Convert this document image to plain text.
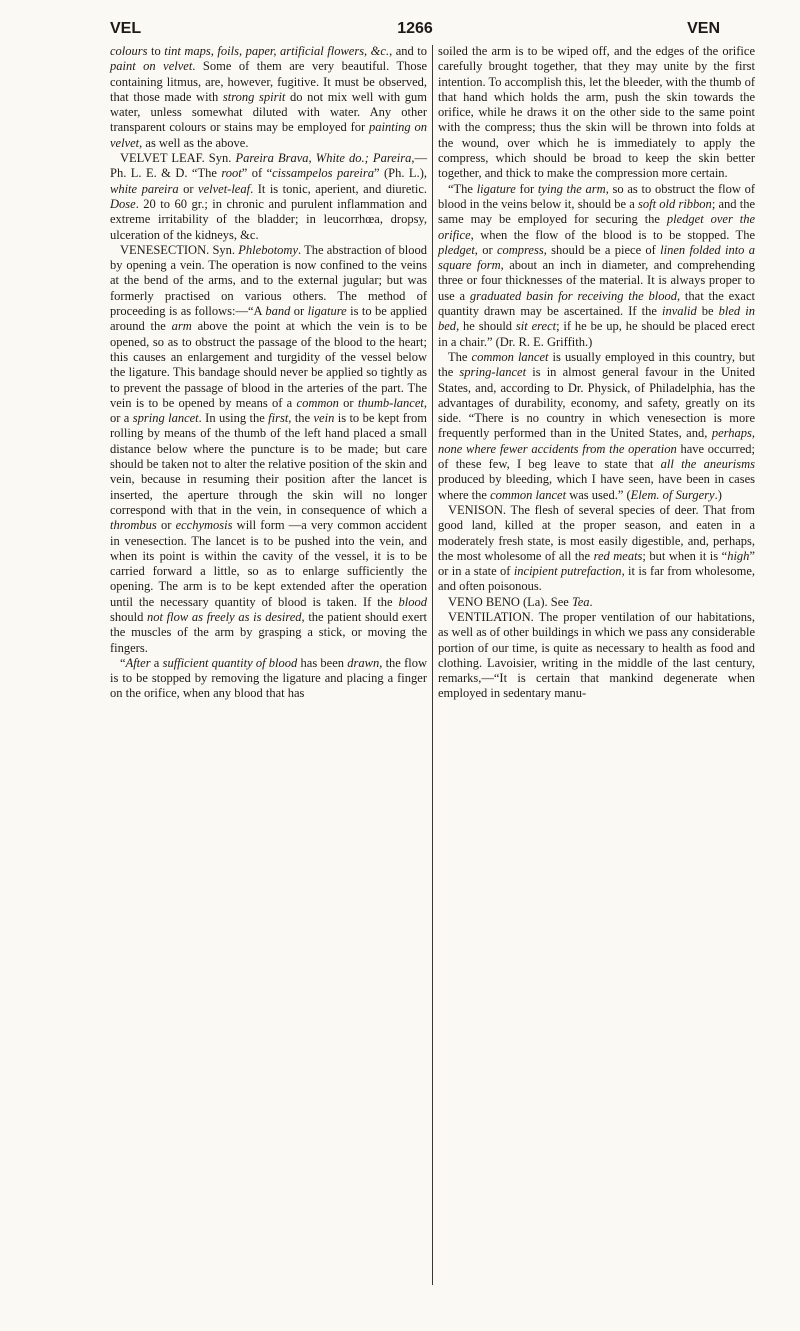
VEL	1266	VEN

colours to tint maps, foils, paper, artificial flowers, &c., and to paint on velvet. Some of them are very beautiful. Those containing litmus, are, however, fugitive. It must be observed, that those made with strong spirit do not mix well with gum water, unless somewhat diluted with water. Any other transparent colours or stains may be employed for painting on velvet, as well as the above.

VELVET LEAF. Syn. Pareira Brava, White do.; Pareira,—Ph. L. E. & D. “The root” of “cissampelos pareira” (Ph. L.), white pareira or velvet-leaf. It is tonic, aperient, and diuretic. Dose. 20 to 60 gr.; in chronic and purulent inflammation and extreme irritability of the bladder; in leucorrhœa, dropsy, ulceration of the kidneys, &c.

VENESECTION. Syn. Phlebotomy. The abstraction of blood by opening a vein. The operation is now confined to the veins at the bend of the arms, and to the external jugular; but was formerly practised on various others. The method of proceeding is as follows:—“A band or ligature is to be applied around the arm above the point at which the vein is to be opened, so as to obstruct the passage of the blood to the heart; this causes an enlargement and turgidity of the vessel below the ligature. This bandage should never be applied so tightly as to prevent the passage of blood in the arteries of the part. The vein is to be opened by means of a common or thumb-lancet, or a spring lancet. In using the first, the vein is to be kept from rolling by means of the thumb of the left hand placed a small distance below where the puncture is to be made; but care should be taken not to alter the relative position of the skin and vein, because in resuming their position after the lancet is inserted, the aperture through the skin will no longer correspond with that in the vein, in consequence of which a thrombus or ecchymosis will form —a very common accident in venesection. The lancet is to be pushed into the vein, and when its point is within the cavity of the vessel, it is to be carried forward a little, so as to enlarge sufficiently the opening. The arm is to be kept extended after the operation until the necessary quantity of blood is taken. If the blood should not flow as freely as is desired, the patient should exert the muscles of the arm by grasping a stick, or moving the fingers.

“After a sufficient quantity of blood has been drawn, the flow is to be stopped by removing the ligature and placing a finger on the orifice, when any blood that has

soiled the arm is to be wiped off, and the edges of the orifice carefully brought together, that they may unite by the first intention. To accomplish this, let the bleeder, with the thumb of that hand which holds the arm, push the skin towards the orifice, while he draws it on the other side to the same point with the compress; thus the skin will be thrown into folds at the wound, over which he is immediately to apply the compress, which should be broad to keep the skin better together, and thick to make the compression more certain.

“The ligature for tying the arm, so as to obstruct the flow of blood in the veins below it, should be a soft old ribbon; and the same may be employed for securing the pledget over the orifice, when the flow of the blood is to be stopped. The pledget, or compress, should be a piece of linen folded into a square form, about an inch in diameter, and comprehending three or four thicknesses of the material. It is always proper to use a graduated basin for receiving the blood, that the exact quantity drawn may be ascertained. If the invalid be bled in bed, he should sit erect; if he be up, he should be placed erect in a chair.” (Dr. R. E. Griffith.)

The common lancet is usually employed in this country, but the spring-lancet is in almost general favour in the United States, and, according to Dr. Physick, of Philadelphia, has the advantages of durability, economy, and safety, greatly on its side. “There is no country in which venesection is more frequently performed than in the United States, and, perhaps, none where fewer accidents from the operation have occurred; of these few, I beg leave to state that all the aneurisms produced by bleeding, which I have seen, have been in cases where the common lancet was used.” (Elem. of Surgery.)

VENISON. The flesh of several species of deer. That from good land, killed at the proper season, and eaten in a moderately fresh state, is most easily digestible, and, perhaps, the most wholesome of all the red meats; but when it is “high” or in a state of incipient putrefaction, it is far from wholesome, and often poisonous.

VENO BENO (La). See Tea.

VENTILATION. The proper ventilation of our habitations, as well as of other buildings in which we pass any considerable portion of our time, is quite as necessary to health as food and clothing. Lavoisier, writing in the middle of the last century, remarks,—“It is certain that mankind degenerate when employed in sedentary manu-
